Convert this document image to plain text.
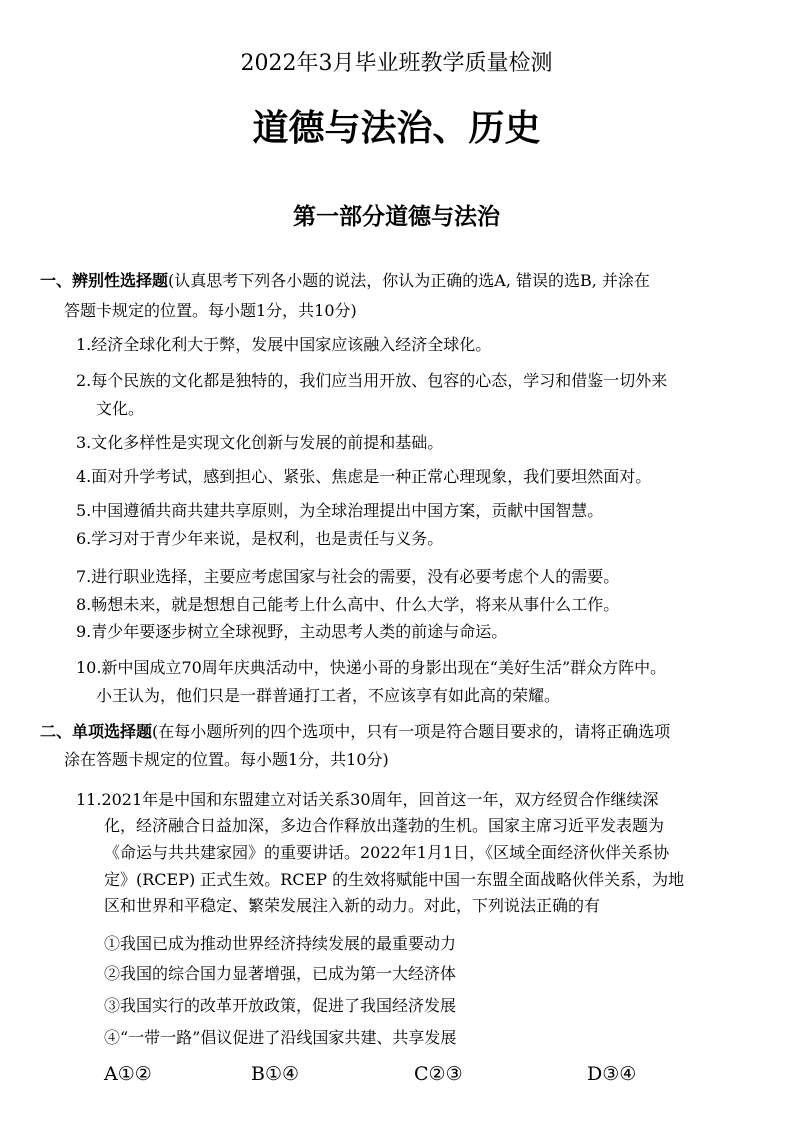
2022年3月毕业班教学质量检测
道德与法治、历史
第一部分道德与法治
一、辨别性选择题(认真思考下列各小题的说法，你认为正确的选A, 错误的选B, 并涂在
答题卡规定的位置。每小题1分，共10分)
1.经济全球化利大于弊，发展中国家应该融入经济全球化。
2.每个民族的文化都是独特的，我们应当用开放、包容的心态，学习和借鉴一切外来
文化。
3.文化多样性是实现文化创新与发展的前提和基础。
4.面对升学考试，感到担心、紧张、焦虑是一种正常心理现象，我们要坦然面对。
5.中国遵循共商共建共享原则，为全球治理提出中国方案，贡献中国智慧。
6.学习对于青少年来说，是权利，也是责任与义务。
7.进行职业选择，主要应考虑国家与社会的需要，没有必要考虑个人的需要。
8.畅想未来，就是想想自己能考上什么高中、什么大学，将来从事什么工作。
9.青少年要逐步树立全球视野，主动思考人类的前途与命运。
10.新中国成立70周年庆典活动中，快递小哥的身影出现在“美好生活”群众方阵中。
小王认为，他们只是一群普通打工者，不应该享有如此高的荣耀。
二、单项选择题(在每小题所列的四个选项中，只有一项是符合题目要求的，请将正确选项
涂在答题卡规定的位置。每小题1分，共10分)
11.2021年是中国和东盟建立对话关系30周年，回首这一年，双方经贸合作继续深
化，经济融合日益加深，多边合作释放出蓬勃的生机。国家主席习近平发表题为
《命运与共共建家园》的重要讲话。2022年1月1日，《区域全面经济伙伴关系协
定》(RCEP) 正式生效。RCEP 的生效将赋能中国一东盟全面战略伙伴关系，为地
区和世界和平稳定、繁荣发展注入新的动力。对此，下列说法正确的有
①我国已成为推动世界经济持续发展的最重要动力
②我国的综合国力显著增强，已成为第一大经济体
③我国实行的改革开放政策，促进了我国经济发展
④“一带一路”倡议促进了沿线国家共建、共享发展
A①②	B①④	C②③	D③④
